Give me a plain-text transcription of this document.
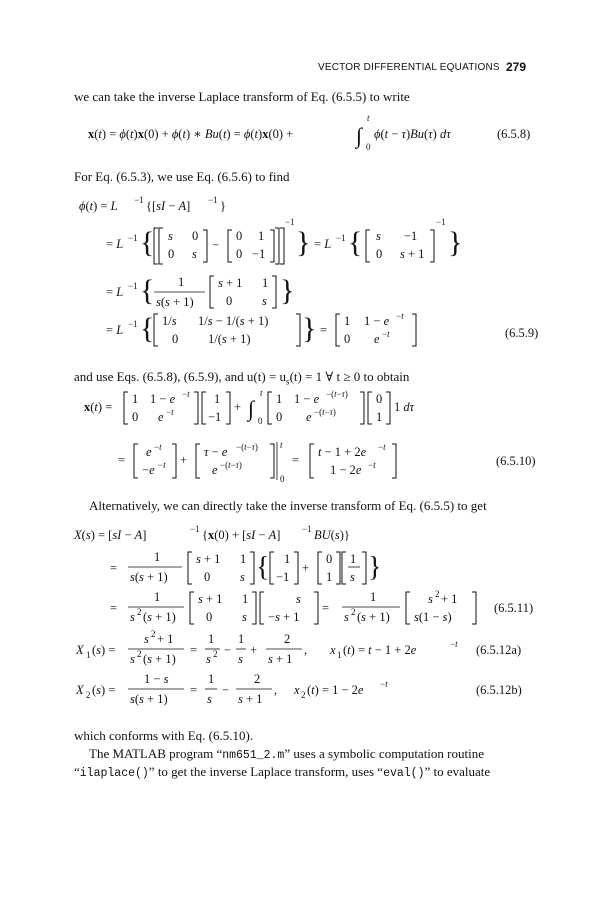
VECTOR DIFFERENTIAL EQUATIONS 279
we can take the inverse Laplace transform of Eq. (6.5.5) to write
For Eq. (6.5.3), we use Eq. (6.5.6) to find
and use Eqs. (6.5.8), (6.5.9), and $u(t) = u_s(t) = 1$ ∀ t ≥ 0 to obtain
Alternatively, we can directly take the inverse transform of Eq. (6.5.5) to get
which conforms with Eq. (6.5.10).
The MATLAB program “nm651_2.m” uses a symbolic computation routine
“ilaplace()” to get the inverse Laplace transform, uses “eval()” to evaluate
(6.5.8)
(6.5.9)
(6.5.10)
(6.5.11)
(6.5.12a)
(6.5.12b)
x(t) = ϕ(t)x(0) + ϕ(t) ∗ Bu(t) = ϕ(t)x(0) +	∫
t
0
ϕ(t − τ)Bu(τ) dτ
ϕ(t) = L −1 {[sI − A] −1 }
= L −1 { s 0
0 s
−
0 1
0 −1
−1
} = L −1 { s −1
0 s + 1
−1
}
= L −1 { 1
s(s + 1)
s + 1 1
0 s }
= L −1 { 1/s 1/s − 1/(s + 1)
0 1/(s + 1) } =
1 1 − e −t
0 e −t
x(t) =
1 1 − e −t
0 e −t
1
−1
+ ∫
t
0
1 1 − e −(t−τ)
0 e −(t−τ)
0
1
1 dτ
=
e −t
−e −t +
τ − e −(t−τ)
e −(t−τ)
t
0
=
t − 1 + 2e −t
1 − 2e −t
X(s) = [sI − A]	−1 {x(0) + [sI − A] −1 BU(s)}
=
1
s(s + 1)
s + 1 1
0 s { 1
−1
+
0
1
1
s }
=
1
s 2 (s + 1)
s + 1 1
0 s
s
−s + 1
=
1
s 2 (s + 1)
s 2 + 1
s(1 − s)
X 1 (s) =
s 2 + 1
s 2 (s + 1)
=
1
s 2 −
1
s
+
2
s + 1
, x 1 (t) = t − 1 + 2e	−t
X 2 (s) =
1 − s
s(s + 1)
=
1
s
−
2
s + 1
, x 2 (t) = 1 − 2e −t
